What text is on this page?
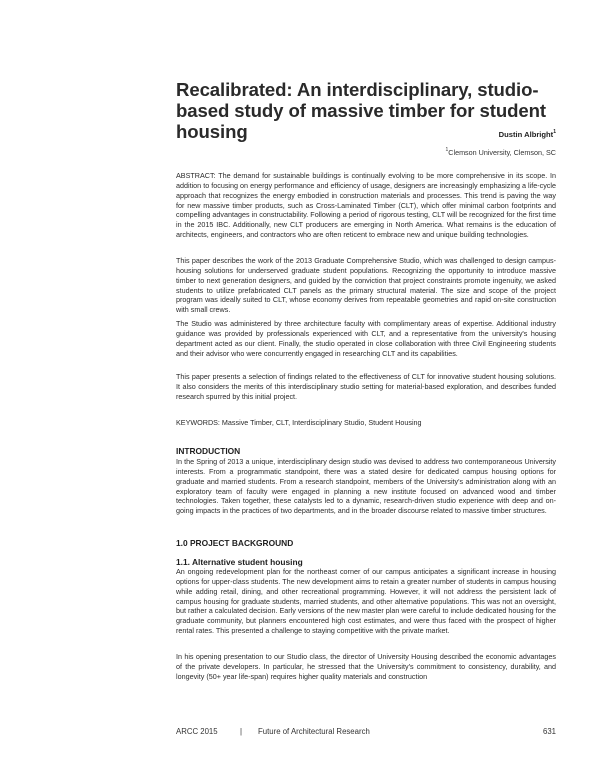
Recalibrated: An interdisciplinary, studio-based study of massive timber for student housing	Dustin Albright$^1$
$^1$Clemson University, Clemson, SC

ABSTRACT: The demand for sustainable buildings is continually evolving to be more comprehensive in its scope. In addition to focusing on energy performance and efficiency of usage, designers are increasingly emphasizing a life-cycle approach that recognizes the energy embodied in construction materials and processes. This trend is paving the way for new massive timber products, such as Cross-Laminated Timber (CLT), which offer minimal carbon footprints and compelling advantages in constructability. Following a period of rigorous testing, CLT will be recognized for the first time in the 2015 IBC. Additionally, new CLT producers are emerging in North America. What remains is the education of architects, engineers, and contractors who are often reticent to embrace new and unique building technologies.

This paper describes the work of the 2013 Graduate Comprehensive Studio, which was challenged to design campus-housing solutions for underserved graduate student populations. Recognizing the opportunity to introduce massive timber to next generation designers, and guided by the conviction that project constraints promote ingenuity, we asked students to utilize prefabricated CLT panels as the primary structural material. The size and scope of the project program was ideally suited to CLT, whose economy derives from repeatable geometries and rapid on-site construction with small crews.

The Studio was administered by three architecture faculty with complimentary areas of expertise. Additional industry guidance was provided by professionals experienced with CLT, and a representative from the university's housing department acted as our client. Finally, the studio operated in close collaboration with three Civil Engineering students and their advisor who were concurrently engaged in researching CLT and its capabilities.

This paper presents a selection of findings related to the effectiveness of CLT for innovative student housing solutions. It also considers the merits of this interdisciplinary studio setting for material-based exploration, and describes funded research spurred by this initial project.

KEYWORDS: Massive Timber, CLT, Interdisciplinary Studio, Student Housing

INTRODUCTION

In the Spring of 2013 a unique, interdisciplinary design studio was devised to address two contemporaneous University interests. From a programmatic standpoint, there was a stated desire for dedicated campus housing options for graduate and married students. From a research standpoint, members of the University's administration along with an exploratory team of faculty were engaged in planning a new institute focused on advanced wood and timber technologies. Taken together, these catalysts led to a dynamic, research-driven studio experience with deep and on-going impacts in the practices of two departments, and in the broader discourse related to massive timber structures.

1.0 PROJECT BACKGROUND
1.1. Alternative student housing

An ongoing redevelopment plan for the northeast corner of our campus anticipates a significant increase in housing options for upper-class students. The new development aims to retain a greater number of students in campus housing while adding retail, dining, and other recreational programming. However, it will not address the persistent lack of campus housing for graduate students, married students, and other alternative populations. This was not an oversight, but rather a calculated decision. Early versions of the new master plan were careful to include dedicated housing for the graduate community, but planners encountered high cost estimates, and were thus faced with the prospect of higher rental rates. This presented a challenge to staying competitive with the private market.

In his opening presentation to our Studio class, the director of University Housing described the economic advantages of the private developers. In particular, he stressed that the University's commitment to consistency, durability, and longevity (50+ year life-span) requires higher quality materials and construction

ARCC 2015	| Future of Architectural Research	631
